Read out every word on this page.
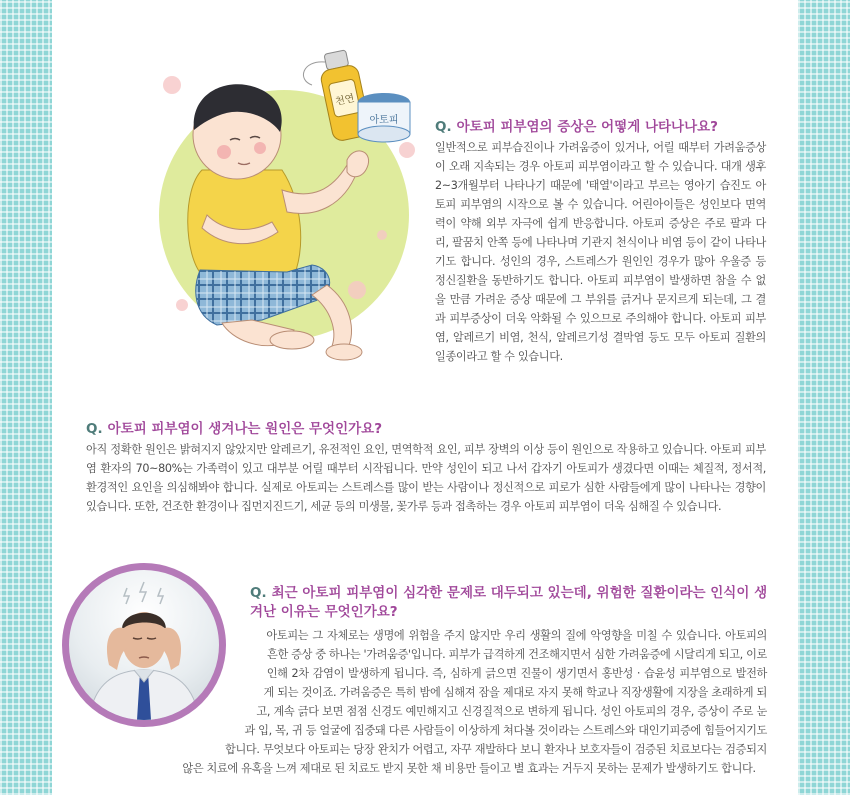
천연
아토피	Q. 아토피 피부염의 증상은 어떻게 나타나나요?

일반적으로 피부습진이나 가려움증이 있거나, 어릴 때부터 가려움증상이 오래 지속되는 경우 아토피 피부염이라고 할 수 있습니다. 대개 생후 2~3개월부터 나타나기 때문에 '태열'이라고 부르는 영아기 습진도 아토피 피부염의 시작으로 볼 수 있습니다. 어린아이들은 성인보다 면역력이 약해 외부 자극에 쉽게 반응합니다. 아토피 증상은 주로 팔과 다리, 팔꿈치 안쪽 등에 나타나며 기관지 천식이나 비염 등이 같이 나타나기도 합니다. 성인의 경우, 스트레스가 원인인 경우가 많아 우울증 등 정신질환을 동반하기도 합니다. 아토피 피부염이 발생하면 참을 수 없을 만큼 가려운 증상 때문에 그 부위를 긁거나 문지르게 되는데, 그 결과 피부증상이 더욱 악화될 수 있으므로 주의해야 합니다. 아토피 피부염, 알레르기 비염, 천식, 알레르기성 결막염 등도 모두 아토피 질환의 일종이라고 할 수 있습니다.

Q. 아토피 피부염이 생겨나는 원인은 무엇인가요?

아직 정확한 원인은 밝혀지지 않았지만 알레르기, 유전적인 요인, 면역학적 요인, 피부 장벽의 이상 등이 원인으로 작용하고 있습니다. 아토피 피부염 환자의 70~80%는 가족력이 있고 대부분 어릴 때부터 시작됩니다. 만약 성인이 되고 나서 갑자기 아토피가 생겼다면 이때는 체질적, 정서적, 환경적인 요인을 의심해봐야 합니다. 실제로 아토피는 스트레스를 많이 받는 사람이나 정신적으로 피로가 심한 사람들에게 많이 나타나는 경향이 있습니다. 또한, 건조한 환경이나 집먼지진드기, 세균 등의 미생물, 꽃가루 등과 접촉하는 경우 아토피 피부염이 더욱 심해질 수 있습니다.

Q. 최근 아토피 피부염이 심각한 문제로 대두되고 있는데, 위험한 질환이라는 인식이 생겨난 이유는 무엇인가요?

아토피는 그 자체로는 생명에 위험을 주지 않지만 우리 생활의 질에 악영향을 미칠 수 있습니다. 아토피의 흔한 증상 중 하나는 '가려움증'입니다. 피부가 급격하게 건조해지면서 심한 가려움증에 시달리게 되고, 이로 인해 2차 감염이 발생하게 됩니다. 즉, 심하게 긁으면 진물이 생기면서 홍반성 · 습윤성 피부염으로 발전하게 되는 것이죠. 가려움증은 특히 밤에 심해져 잠을 제대로 자지 못해 학교나 직장생활에 지장을 초래하게 되고, 계속 긁다 보면 점점 신경도 예민해지고 신경질적으로 변하게 됩니다. 성인 아토피의 경우, 증상이 주로 눈과 입, 목, 귀 등 얼굴에 집중돼 다른 사람들이 이상하게 쳐다볼 것이라는 스트레스와 대인기피증에 힘들어지기도 합니다. 무엇보다 아토피는 당장 완치가 어렵고, 자꾸 재발하다 보니 환자나 보호자들이 검증된 치료보다는 검증되지 않은 치료에 유혹을 느껴 제대로 된 치료도 받지 못한 채 비용만 들이고 별 효과는 거두지 못하는 문제가 발생하기도 합니다.
